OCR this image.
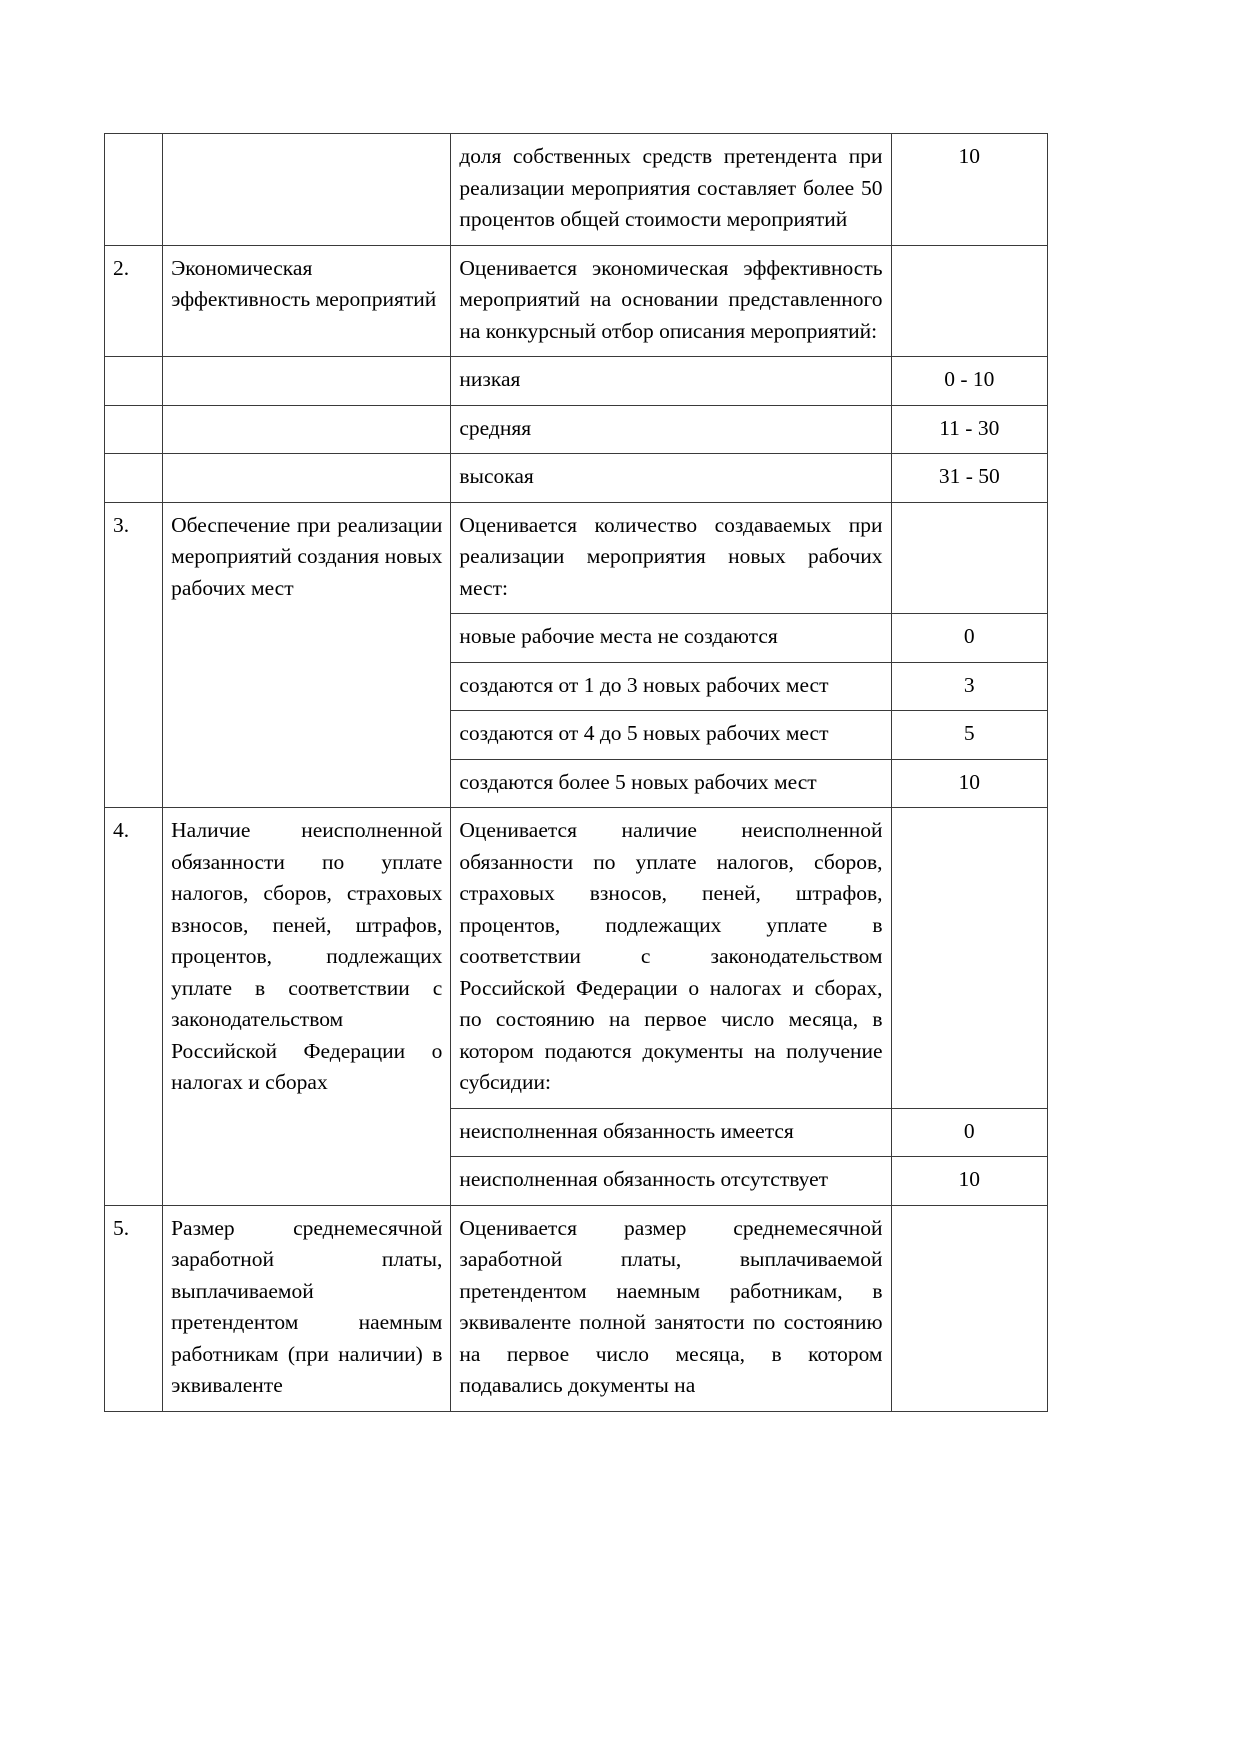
		доля собственных средств претендента при реализации мероприятия составляет более 50 процентов общей стоимости мероприятий	10
2.	Экономическая эффективность мероприятий	Оценивается экономическая эффективность мероприятий на основании представленного на конкурсный отбор описания мероприятий:	
		низкая	0 - 10
		средняя	11 - 30
		высокая	31 - 50
3.	Обеспечение при реализации мероприятий создания новых рабочих мест	Оценивается количество создаваемых при реализации мероприятия новых рабочих мест:	
		новые рабочие места не создаются	0
		создаются от 1 до 3 новых рабочих мест	3
		создаются от 4 до 5 новых рабочих мест	5
		создаются более 5 новых рабочих мест	10
4.	Наличие неисполненной обязанности по уплате налогов, сборов, страховых взносов, пеней, штрафов, процентов, подлежащих уплате в соответствии с законодательством Российской Федерации о налогах и сборах	Оценивается наличие неисполненной обязанности по уплате налогов, сборов, страховых взносов, пеней, штрафов, процентов, подлежащих уплате в соответствии с законодательством Российской Федерации о налогах и сборах, по состоянию на первое число месяца, в котором подаются документы на получение субсидии:	
		неисполненная обязанность имеется	0
		неисполненная обязанность отсутствует	10
5.	Размер среднемесячной заработной платы, выплачиваемой претендентом наемным работникам (при наличии) в эквиваленте	Оценивается размер среднемесячной заработной платы, выплачиваемой претендентом наемным работникам, в эквиваленте полной занятости по состоянию на первое число месяца, в котором подавались документы на	
